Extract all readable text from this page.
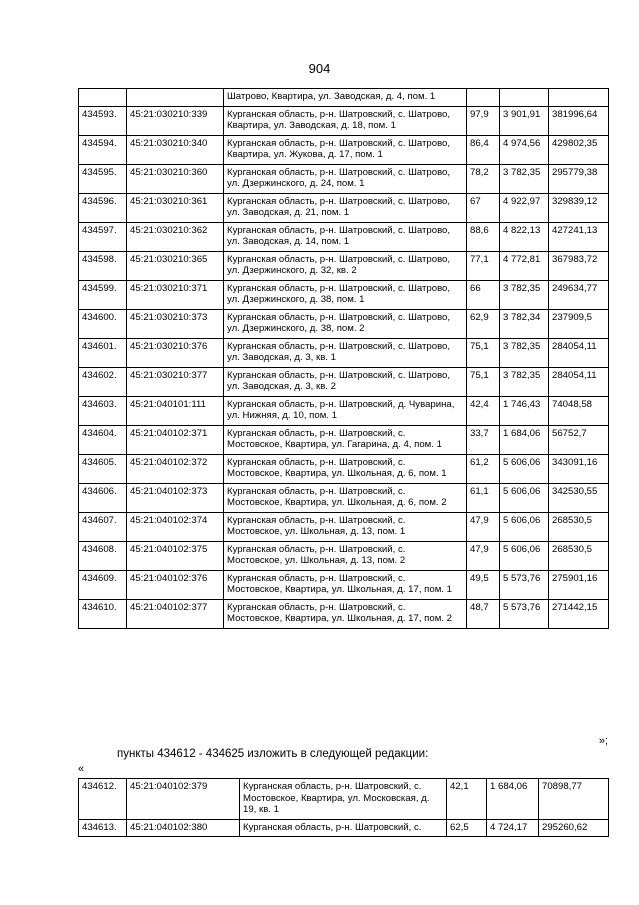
904
		Шатрово, Квартира, ул. Заводская, д. 4, пом. 1			
434593.	45:21:030210:339	Курганская область, р-н. Шатровский, с. Шатрово, Квартира, ул. Заводская, д. 18, пом. 1	97,9	3 901,91	381996,64
434594.	45:21:030210:340	Курганская область, р-н. Шатровский, с. Шатрово, Квартира, ул. Жукова, д. 17, пом. 1	86,4	4 974,56	429802,35
434595.	45:21:030210:360	Курганская область, р-н. Шатровский, с. Шатрово, ул. Дзержинского, д. 24, пом. 1	78,2	3 782,35	295779,38
434596.	45:21:030210:361	Курганская область, р-н. Шатровский, с. Шатрово, ул. Заводская, д. 21, пом. 1	67	4 922,97	329839,12
434597.	45:21:030210:362	Курганская область, р-н. Шатровский, с. Шатрово, ул. Заводская, д. 14, пом. 1	88,6	4 822,13	427241,13
434598.	45:21:030210:365	Курганская область, р-н. Шатровский, с. Шатрово, ул. Дзержинского, д. 32, кв. 2	77,1	4 772,81	367983,72
434599.	45:21:030210:371	Курганская область, р-н. Шатровский, с. Шатрово, ул. Дзержинского, д. 38, пом. 1	66	3 782,35	249634,77
434600.	45:21:030210:373	Курганская область, р-н. Шатровский, с. Шатрово, ул. Дзержинского, д. 38, пом. 2	62,9	3 782,34	237909,5
434601.	45:21:030210:376	Курганская область, р-н. Шатровский, с. Шатрово, ул. Заводская, д. 3, кв. 1	75,1	3 782,35	284054,11
434602.	45:21:030210:377	Курганская область, р-н. Шатровский, с. Шатрово, ул. Заводская, д. 3, кв. 2	75,1	3 782,35	284054,11
434603.	45:21:040101:111	Курганская область, р-н. Шатровский, д. Чуварина, ул. Нижняя, д. 10, пом. 1	42,4	1 746,43	74048,58
434604.	45:21:040102:371	Курганская область, р-н. Шатровский, с. Мостовское, Квартира, ул. Гагарина, д. 4, пом. 1	33,7	1 684,06	56752,7
434605.	45:21:040102:372	Курганская область, р-н. Шатровский, с. Мостовское, Квартира, ул. Школьная, д. 6, пом. 1	61,2	5 606,06	343091,16
434606.	45:21:040102:373	Курганская область, р-н. Шатровский, с. Мостовское, Квартира, ул. Школьная, д. 6, пом. 2	61,1	5 606,06	342530,55
434607.	45:21:040102:374	Курганская область, р-н. Шатровский, с. Мостовское, ул. Школьная, д. 13, пом. 1	47,9	5 606,06	268530,5
434608.	45:21:040102:375	Курганская область, р-н. Шатровский, с. Мостовское, ул. Школьная, д. 13, пом. 2	47,9	5 606,06	268530,5
434609.	45:21:040102:376	Курганская область, р-н. Шатровский, с. Мостовское, Квартира, ул. Школьная, д. 17, пом. 1	49,5	5 573,76	275901,16
434610.	45:21:040102:377	Курганская область, р-н. Шатровский, с. Мостовское, Квартира, ул. Школьная, д. 17, пом. 2	48,7	5 573,76	271442,15
»;
пункты 434612 - 434625 изложить в следующей редакции:
«
434612.	45:21:040102:379	Курганская область, р-н. Шатровский, с. Мостовское, Квартира, ул. Московская, д. 19, кв. 1	42,1	1 684,06	70898,77
434613.	45:21:040102:380	Курганская область, р-н. Шатровский, с.	62,5	4 724,17	295260,62
